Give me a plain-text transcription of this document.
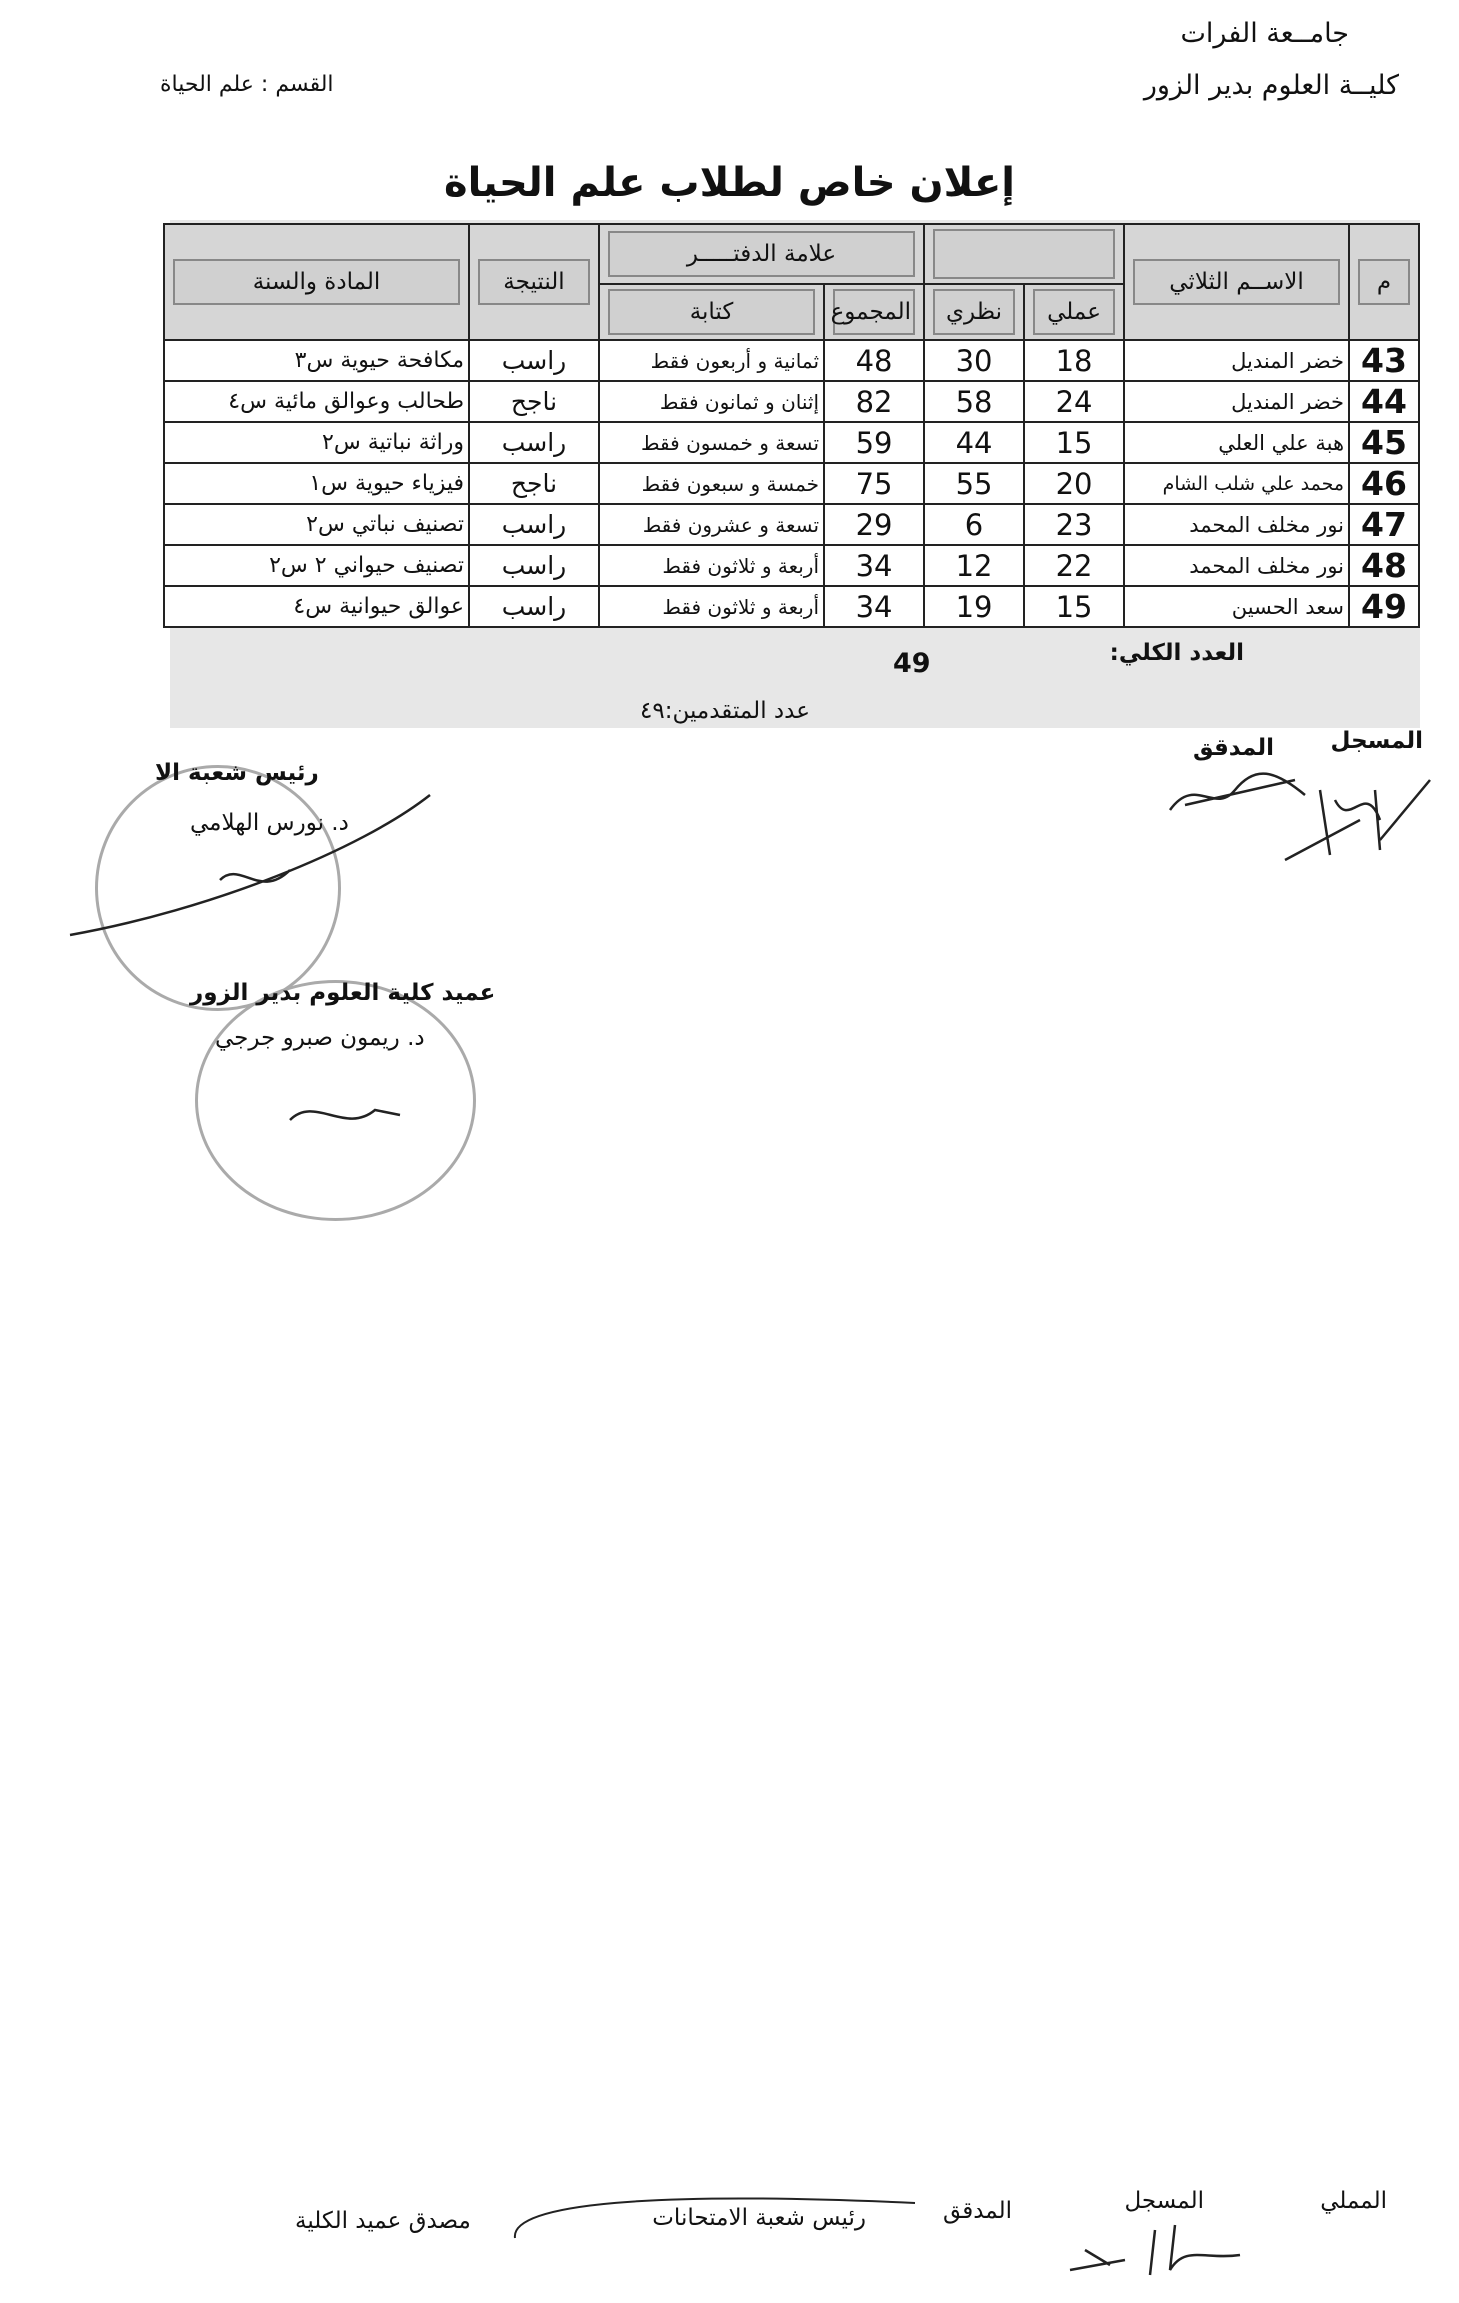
جامــعة الفرات
كليــة العلوم بدير الزور
القسم : علم الحياة
إعلان خاص لطلاب علم الحياة
م	الاســم الثلاثي			علامة الدفتـــــر		النتيجة	المادة والسنة

		عملي	نظري	المجموع	كتابة		

43	خضر المنديل	18	30	48	ثمانية و أربعون فقط	راسب	مكافحة حيوية س٣
44	خضر المنديل	24	58	82	إثنان و ثمانون فقط	ناجح	طحالب وعوالق مائية س٤
45	هبة علي العلي	15	44	59	تسعة و خمسون فقط	راسب	وراثة نباتية س٢
46	محمد علي شلب الشام	20	55	75	خمسة و سبعون فقط	ناجح	فيزياء حيوية س١
47	نور مخلف المحمد	23	6	29	تسعة و عشرون فقط	راسب	تصنيف نباتي س٢
48	نور مخلف المحمد	22	12	34	أربعة و ثلاثون فقط	راسب	تصنيف حيواني ٢ س٢
49	سعد الحسين	15	19	34	أربعة و ثلاثون فقط	راسب	عوالق حيوانية س٤
العدد الكلي:
49
عدد المتقدمين:٤٩
المسجل
المدقق
رئيس شعبة الا
د. نورس الهلامي
عميد كلية العلوم بدير الزور
د. ريمون صبرو جرجي
المملي
المسجل
المدقق
رئيس شعبة الامتحانات
مصدق عميد الكلية
